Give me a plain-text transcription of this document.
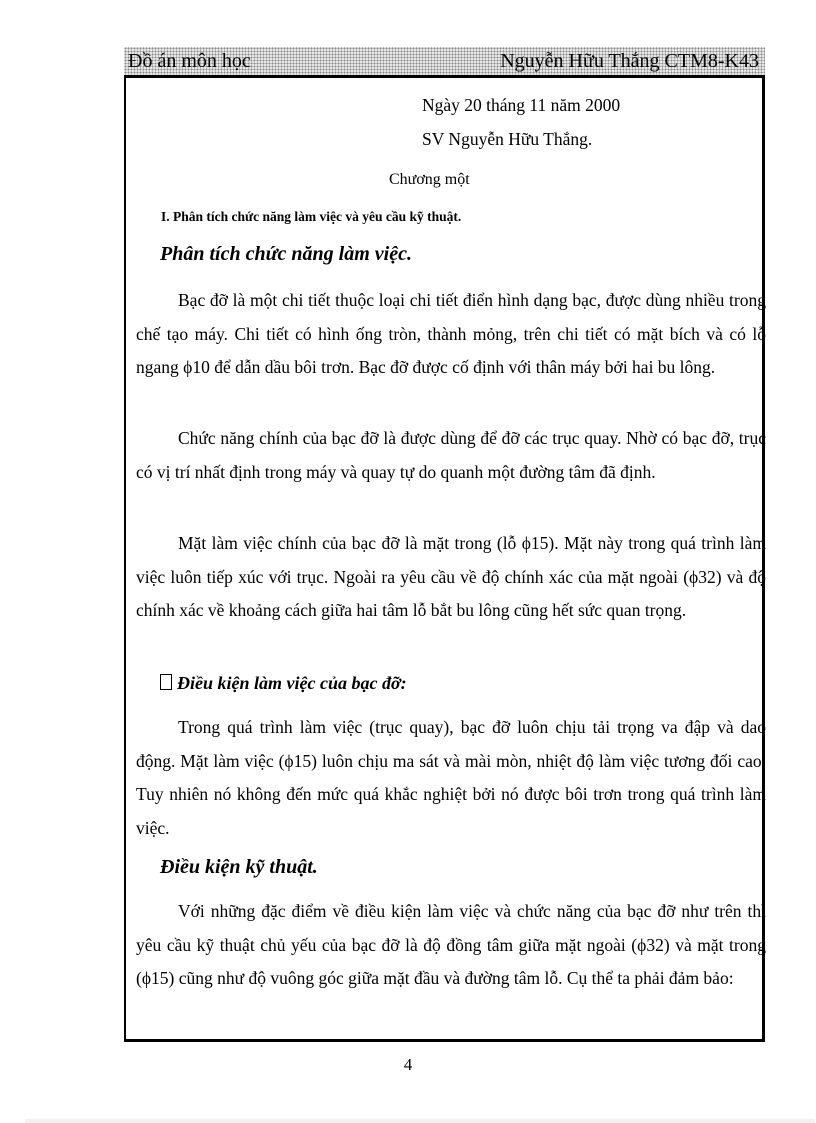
Đồ án môn học	Nguyễn Hữu Thắng CTM8-K43
Ngày 20 tháng 11 năm 2000
SV Nguyễn Hữu Thắng.
Chương một
I. Phân tích chức năng làm việc và yêu cầu kỹ thuật.
Phân tích chức năng làm việc.
Bạc đỡ là một chi tiết thuộc loại chi tiết điển hình dạng bạc, được dùng nhiều trong chế tạo máy. Chi tiết có hình ống tròn, thành mỏng, trên chi tiết có mặt bích và có lỗ ngang ϕ10 để dẫn dầu bôi trơn. Bạc đỡ được cố định với thân máy bởi hai bu lông.
Chức năng chính của bạc đỡ là được dùng để đỡ các trục quay. Nhờ có bạc đỡ, trục có vị trí nhất định trong máy và quay tự do quanh một đường tâm đã định.
Mặt làm việc chính của bạc đỡ là mặt trong (lỗ ϕ15). Mặt này trong quá trình làm việc luôn tiếp xúc với trục. Ngoài ra yêu cầu về độ chính xác của mặt ngoài (ϕ32) và độ chính xác về khoảng cách giữa hai tâm lỗ bắt bu lông cũng hết sức quan trọng.
Điều kiện làm việc của bạc đỡ:
Trong quá trình làm việc (trục quay), bạc đỡ luôn chịu tải trọng va đập và dao động. Mặt làm việc (ϕ15) luôn chịu ma sát và mài mòn, nhiệt độ làm việc tương đối cao. Tuy nhiên nó không đến mức quá khắc nghiệt bởi nó được bôi trơn trong quá trình làm việc.
Điều kiện kỹ thuật.
Với những đặc điểm về điều kiện làm việc và chức năng của bạc đỡ như trên thì yêu cầu kỹ thuật chủ yếu của bạc đỡ là độ đồng tâm giữa mặt ngoài (ϕ32) và mặt trong (ϕ15) cũng như độ vuông góc giữa mặt đầu và đường tâm lỗ. Cụ thể ta phải đảm bảo:
4
